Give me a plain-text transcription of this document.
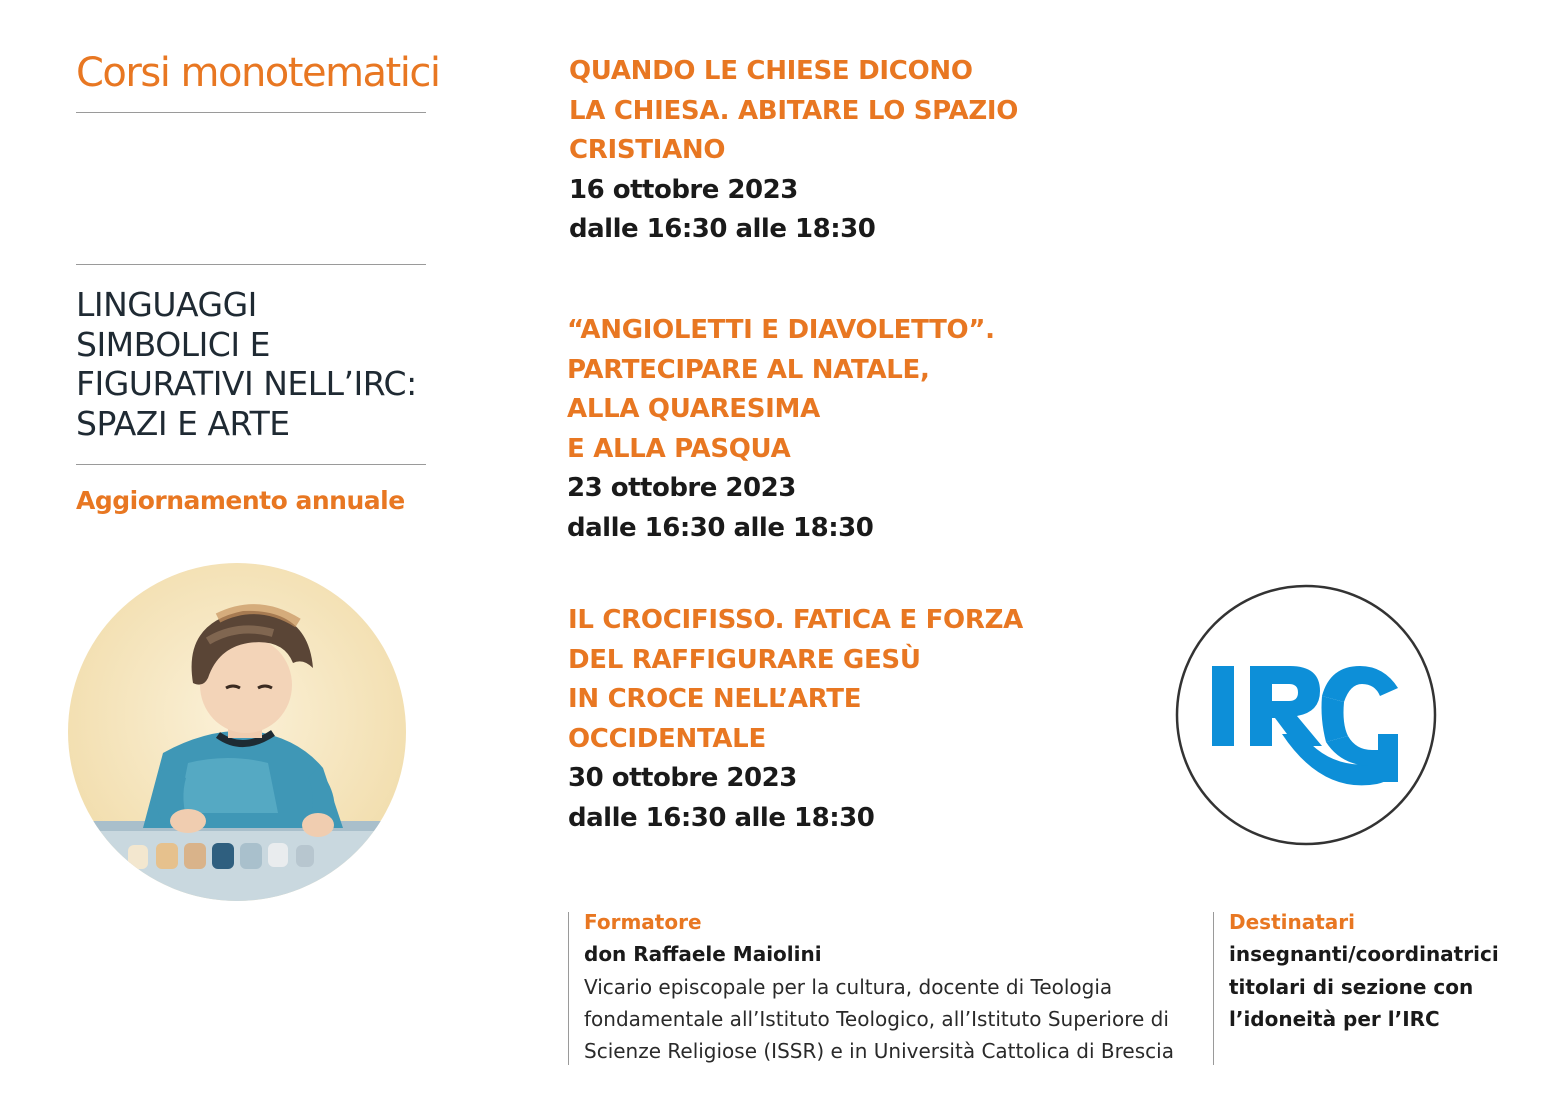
Corsi monotematici
LINGUAGGI
SIMBOLICI E
FIGURATIVI NELL’IRC:
SPAZI E ARTE
Aggiornamento annuale
QUANDO LE CHIESE DICONO
LA CHIESA. ABITARE LO SPAZIO
CRISTIANO
16 ottobre 2023
dalle 16:30 alle 18:30
“ANGIOLETTI E DIAVOLETTO”.
PARTECIPARE AL NATALE,
ALLA QUARESIMA
E ALLA PASQUA
23 ottobre 2023
dalle 16:30 alle 18:30
IL CROCIFISSO. FATICA E FORZA
DEL RAFFIGURARE GESÙ
IN CROCE NELL’ARTE
OCCIDENTALE
30 ottobre 2023
dalle 16:30 alle 18:30
IRC
Formatore
don Raffaele Maiolini
Vicario episcopale per la cultura, docente di Teologia
fondamentale all’Istituto Teologico, all’Istituto Superiore di
Scienze Religiose (ISSR) e in Università Cattolica di Brescia
Destinatari
insegnanti/coordinatrici
titolari di sezione con
l’idoneità per l’IRC
